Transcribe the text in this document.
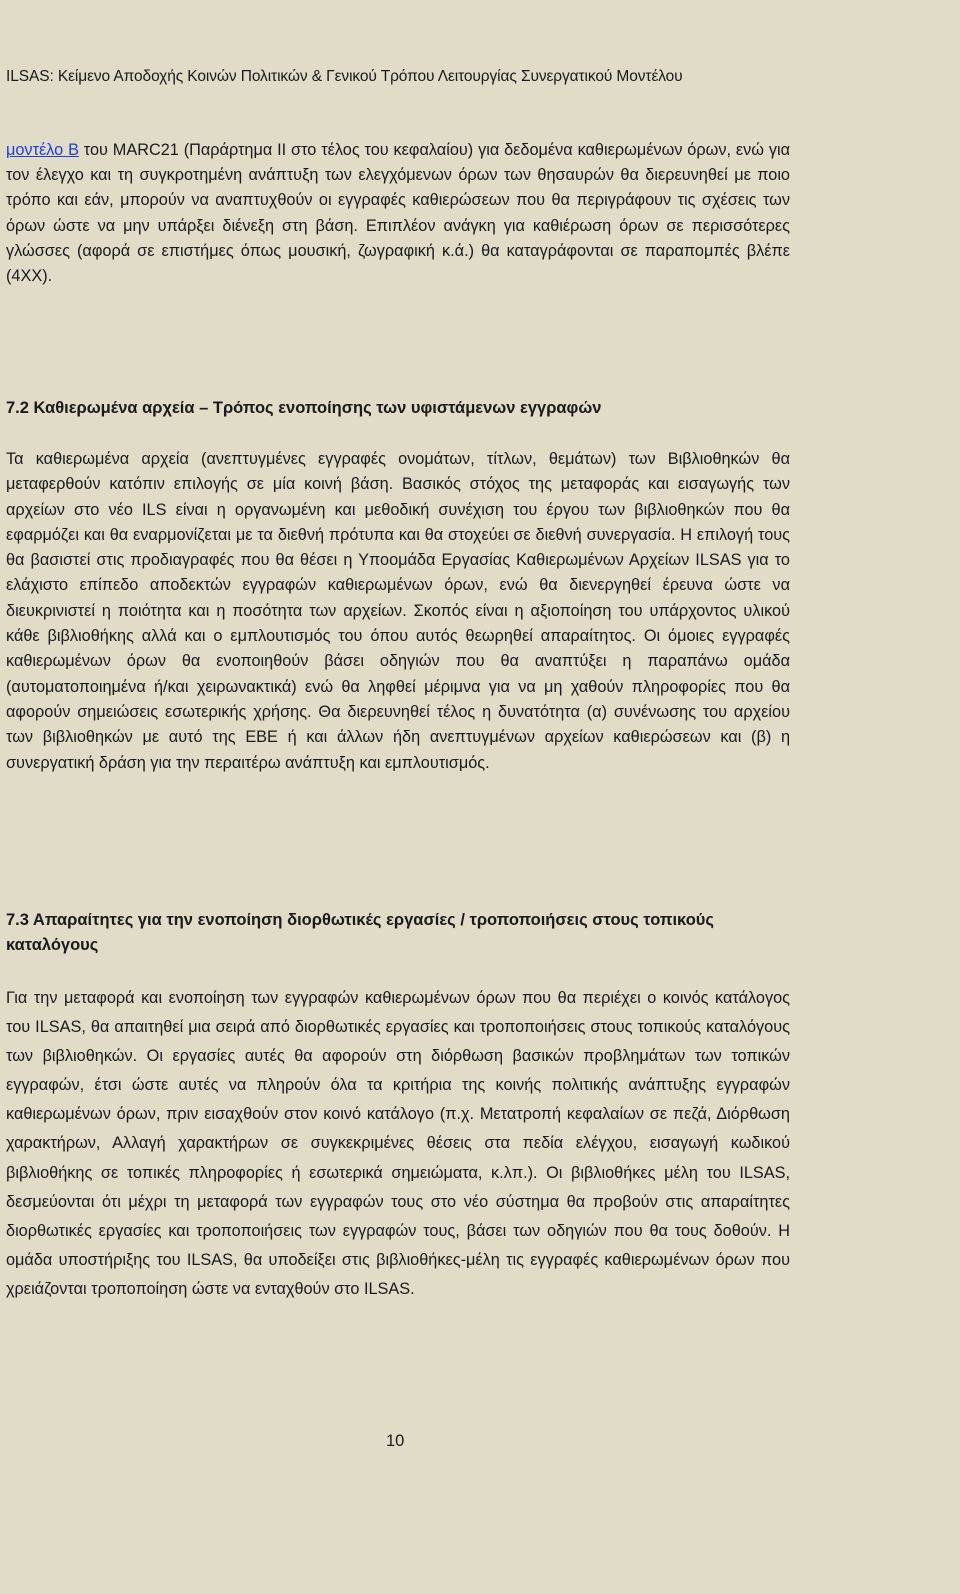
ILSAS: Κείμενο Αποδοχής Κοινών Πολιτικών & Γενικού Τρόπου Λειτουργίας Συνεργατικού Μοντέλου

μοντέλο Β του MARC21 (Παράρτημα ΙΙ στο τέλος του κεφαλαίου) για δεδομένα καθιερωμένων όρων, ενώ για τον έλεγχο και τη συγκροτημένη ανάπτυξη των ελεγχόμενων όρων των θησαυρών θα διερευνηθεί με ποιο τρόπο και εάν, μπορούν να αναπτυχθούν οι εγγραφές καθιερώσεων που θα περιγράφουν τις σχέσεις των όρων ώστε να μην υπάρξει διένεξη στη βάση. Επιπλέον ανάγκη για καθιέρωση όρων σε περισσότερες γλώσσες (αφορά σε επιστήμες όπως μουσική, ζωγραφική κ.ά.) θα καταγράφονται σε παραπομπές βλέπε (4XX).

7.2 Καθιερωμένα αρχεία – Τρόπος ενοποίησης των υφιστάμενων εγγραφών

Τα καθιερωμένα αρχεία (ανεπτυγμένες εγγραφές ονομάτων, τίτλων, θεμάτων) των Βιβλιοθηκών θα μεταφερθούν κατόπιν επιλογής σε μία κοινή βάση. Βασικός στόχος της μεταφοράς και εισαγωγής των αρχείων στο νέο ILS είναι η οργανωμένη και μεθοδική συνέχιση του έργου των βιβλιοθηκών που θα εφαρμόζει και θα εναρμονίζεται με τα διεθνή πρότυπα και θα στοχεύει σε διεθνή συνεργασία. Η επιλογή τους θα βασιστεί στις προδιαγραφές που θα θέσει η Υποομάδα Εργασίας Καθιερωμένων Αρχείων ILSAS για το ελάχιστο επίπεδο αποδεκτών εγγραφών καθιερωμένων όρων, ενώ θα διενεργηθεί έρευνα ώστε να διευκρινιστεί η ποιότητα και η ποσότητα των αρχείων. Σκοπός είναι η αξιοποίηση του υπάρχοντος υλικού κάθε βιβλιοθήκης αλλά και ο εμπλουτισμός του όπου αυτός θεωρηθεί απαραίτητος. Οι όμοιες εγγραφές καθιερωμένων όρων θα ενοποιηθούν βάσει οδηγιών που θα αναπτύξει η παραπάνω ομάδα (αυτοματοποιημένα ή/και χειρωνακτικά) ενώ θα ληφθεί μέριμνα για να μη χαθούν πληροφορίες που θα αφορούν σημειώσεις εσωτερικής χρήσης. Θα διερευνηθεί τέλος η δυνατότητα (α) συνένωσης του αρχείου των βιβλιοθηκών με αυτό της ΕΒΕ ή και άλλων ήδη ανεπτυγμένων αρχείων καθιερώσεων και (β) η συνεργατική δράση για την περαιτέρω ανάπτυξη και εμπλουτισμός.

7.3 Απαραίτητες για την ενοποίηση διορθωτικές εργασίες / τροποποιήσεις στους τοπικούς καταλόγους

Για την μεταφορά και ενοποίηση των εγγραφών καθιερωμένων όρων που θα περιέχει ο κοινός κατάλογος του ILSAS, θα απαιτηθεί μια σειρά από διορθωτικές εργασίες και τροποποιήσεις στους τοπικούς καταλόγους των βιβλιοθηκών. Οι εργασίες αυτές θα αφορούν στη διόρθωση βασικών προβλημάτων των τοπικών εγγραφών, έτσι ώστε αυτές να πληρούν όλα τα κριτήρια της κοινής πολιτικής ανάπτυξης εγγραφών καθιερωμένων όρων, πριν εισαχθούν στον κοινό κατάλογο (π.χ. Μετατροπή κεφαλαίων σε πεζά, Διόρθωση χαρακτήρων, Αλλαγή χαρακτήρων σε συγκεκριμένες θέσεις στα πεδία ελέγχου, εισαγωγή κωδικού βιβλιοθήκης σε τοπικές πληροφορίες ή εσωτερικά σημειώματα, κ.λπ.). Οι βιβλιοθήκες μέλη του ILSAS, δεσμεύονται ότι μέχρι τη μεταφορά των εγγραφών τους στο νέο σύστημα θα προβούν στις απαραίτητες διορθωτικές εργασίες και τροποποιήσεις των εγγραφών τους, βάσει των οδηγιών που θα τους δοθούν. Η ομάδα υποστήριξης του ILSAS, θα υποδείξει στις βιβλιοθήκες-μέλη τις εγγραφές καθιερωμένων όρων που χρειάζονται τροποποίηση ώστε να ενταχθούν στο ILSAS.

10
